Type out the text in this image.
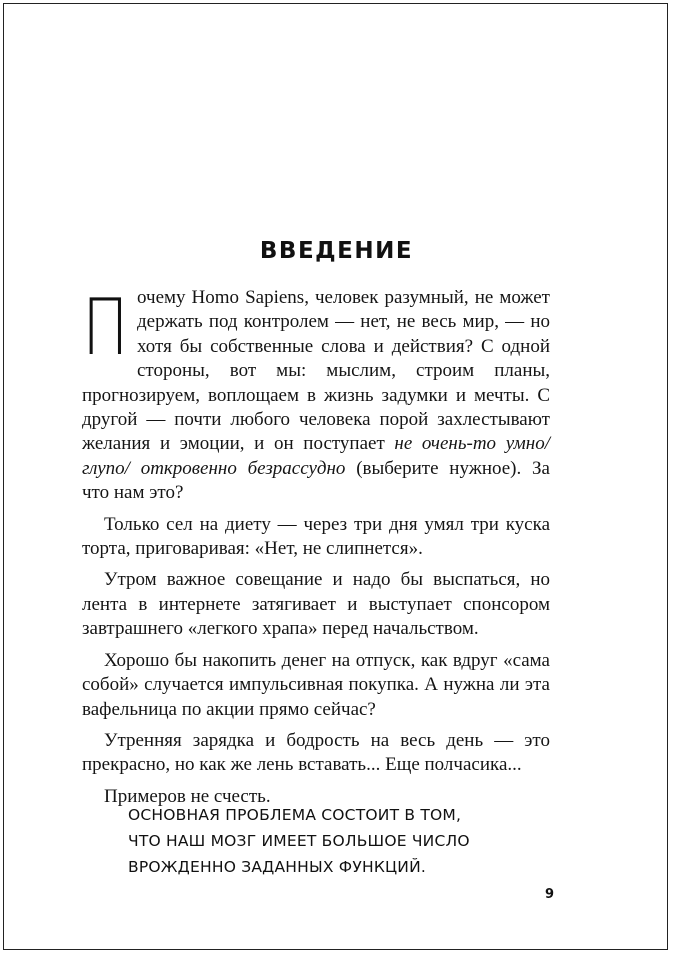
ВВЕДЕНИЕ

Почему Homo Sapiens, человек разумный, не может держать под контролем — нет, не весь мир, — но хотя бы собственные слова и действия? С одной стороны, вот мы: мыслим, строим планы, прогнозируем, воплощаем в жизнь задумки и мечты. С другой — почти любого человека порой захлестывают желания и эмоции, и он поступает не очень-то умно/глупо/ откровенно безрассудно (выберите нужное). За что нам это?

Только сел на диету — через три дня умял три куска торта, приговаривая: «Нет, не слипнется».

Утром важное совещание и надо бы выспаться, но лента в интернете затягивает и выступает спонсором завтрашнего «легкого храпа» перед начальством.

Хорошо бы накопить денег на отпуск, как вдруг «сама собой» случается импульсивная покупка. А нужна ли эта вафельница по акции прямо сейчас?

Утренняя зарядка и бодрость на весь день — это прекрасно, но как же лень вставать... Еще полчасика...

Примеров не счесть.

ОСНОВНАЯ ПРОБЛЕМА СОСТОИТ В ТОМ,
ЧТО НАШ МОЗГ ИМЕЕТ БОЛЬШОЕ ЧИСЛО
ВРОЖДЕННО ЗАДАННЫХ ФУНКЦИЙ.
9
